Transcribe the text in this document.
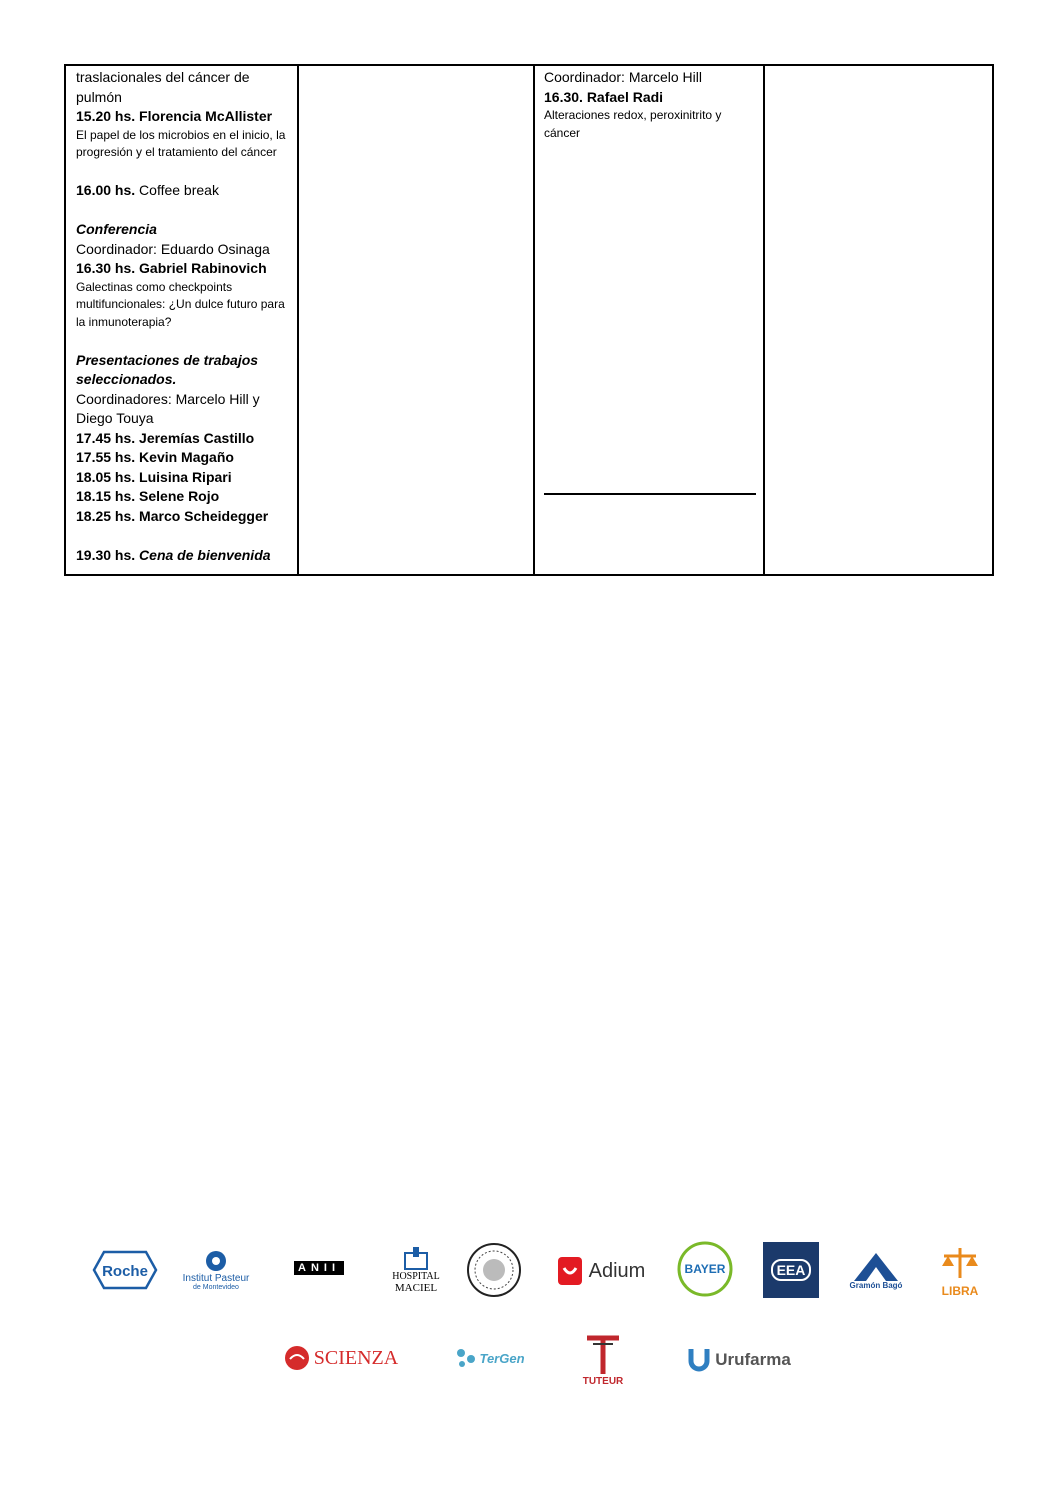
traslacionales del cáncer de pulmón

15.20 hs. Florencia McAllister

El papel de los microbios en el inicio, la progresión y el tratamiento del cáncer

16.00 hs. Coffee break

Conferencia

Coordinador: Eduardo Osinaga

16.30 hs. Gabriel Rabinovich

Galectinas como checkpoints multifuncionales: ¿Un dulce futuro para la inmunoterapia?

Presentaciones de trabajos seleccionados.

Coordinadores: Marcelo Hill y Diego Touya

17.45 hs. Jeremías Castillo

17.55 hs. Kevin Magaño

18.05 hs. Luisina Ripari

18.15 hs. Selene Rojo

18.25 hs. Marco Scheidegger

19.30 hs. Cena de bienvenida

Coordinador: Marcelo Hill

16.30. Rafael Radi

Alteraciones redox, peroxinitrito y cáncer

Roche	Institut Pasteur
de Montevideo
ANII
HOSPITAL
MACIEL
Adium	BAYER	EEA
Gramón Bagó	LIBRA
SCIENZA	TerGen
TUTEUR
Urufarma
